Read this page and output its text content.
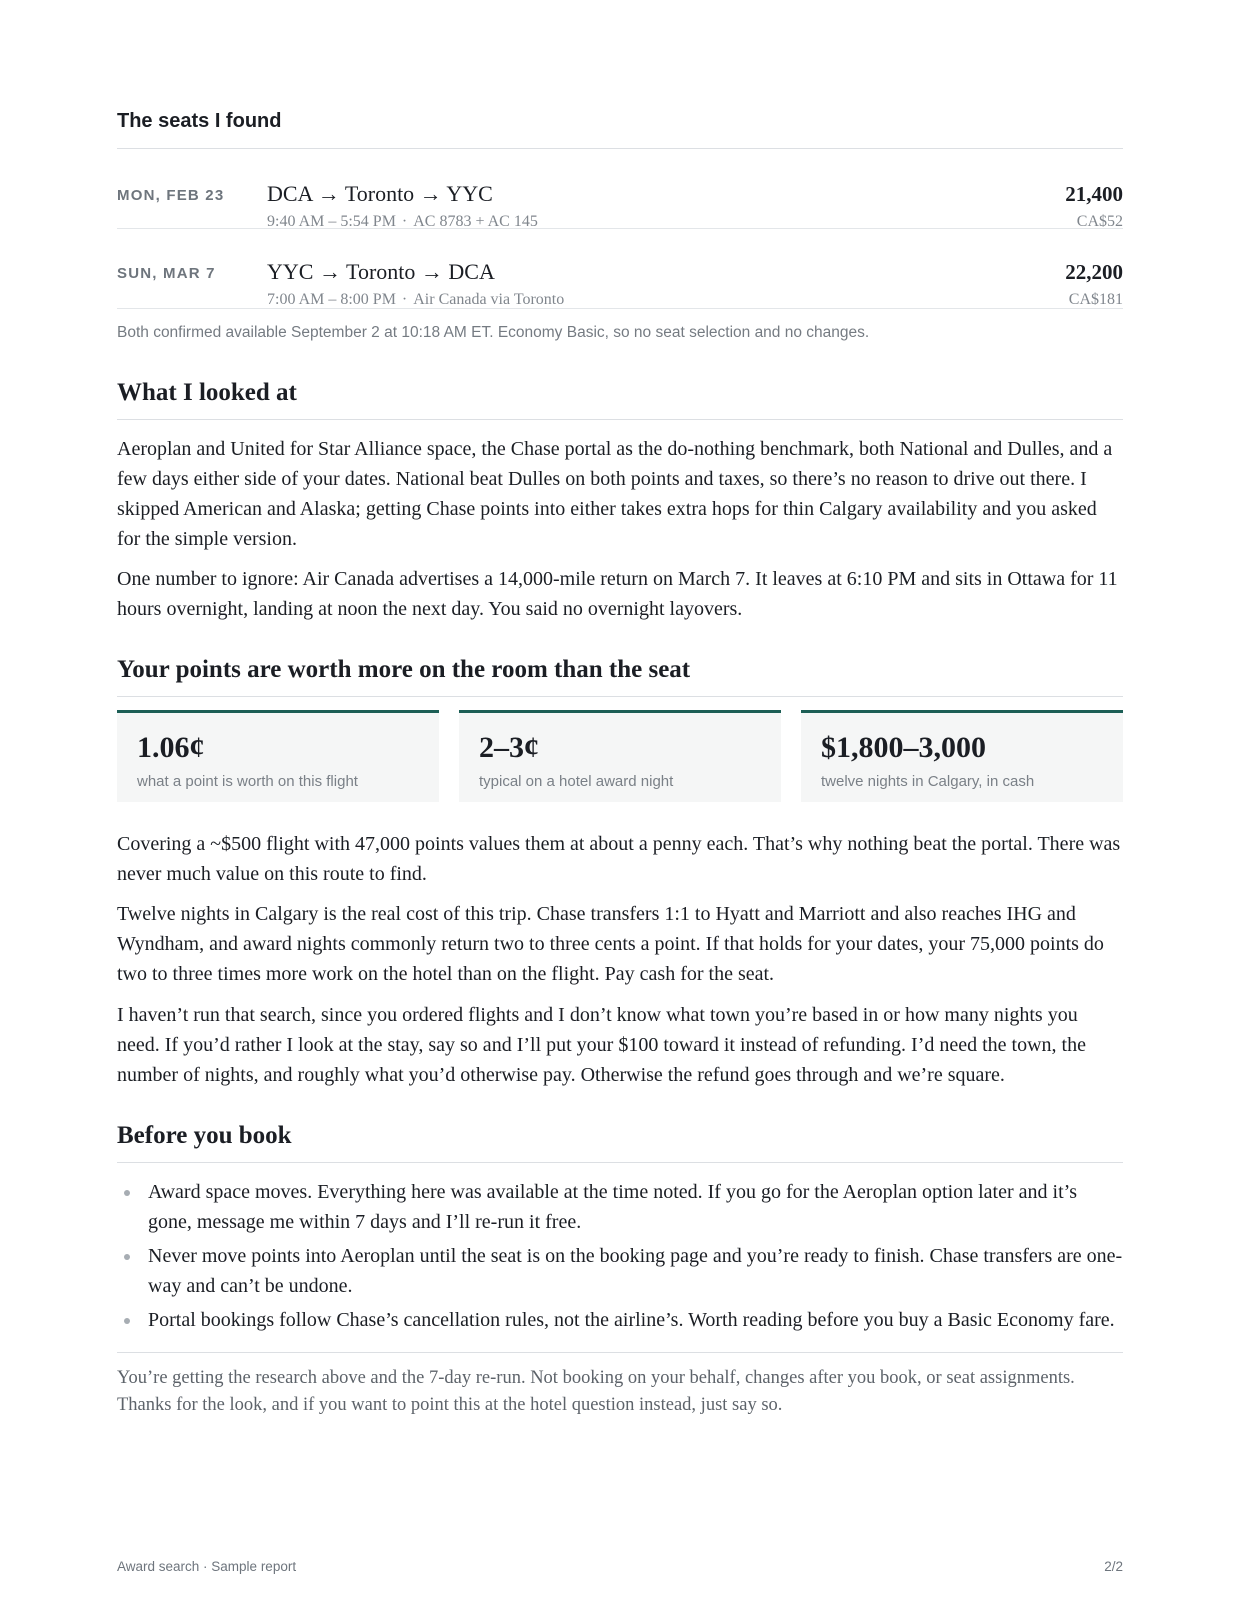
The seats I found
MON, FEB 23	DCA → Toronto → YYC
9:40 AM – 5:54 PM · AC 8783 + AC 145
21,400
CA$52
SUN, MAR 7	YYC → Toronto → DCA
7:00 AM – 8:00 PM · Air Canada via Toronto
22,200
CA$181
Both confirmed available September 2 at 10:18 AM ET. Economy Basic, so no seat selection and no changes.
What I looked at

Aeroplan and United for Star Alliance space, the Chase portal as the do-nothing benchmark, both National and Dulles, and a few days either side of your dates. National beat Dulles on both points and taxes, so there’s no reason to drive out there. I skipped American and Alaska; getting Chase points into either takes extra hops for thin Calgary availability and you asked for the simple version.

One number to ignore: Air Canada advertises a 14,000-mile return on March 7. It leaves at 6:10 PM and sits in Ottawa for 11 hours overnight, landing at noon the next day. You said no overnight layovers.

Your points are worth more on the room than the seat
1.06¢
what a point is worth on this flight
2–3¢
typical on a hotel award night
$1,800–3,000
twelve nights in Calgary, in cash

Covering a ~$500 flight with 47,000 points values them at about a penny each. That’s why nothing beat the portal. There was never much value on this route to find.

Twelve nights in Calgary is the real cost of this trip. Chase transfers 1:1 to Hyatt and Marriott and also reaches IHG and Wyndham, and award nights commonly return two to three cents a point. If that holds for your dates, your 75,000 points do two to three times more work on the hotel than on the flight. Pay cash for the seat.

I haven’t run that search, since you ordered flights and I don’t know what town you’re based in or how many nights you need. If you’d rather I look at the stay, say so and I’ll put your $100 toward it instead of refunding. I’d need the town, the number of nights, and roughly what you’d otherwise pay. Otherwise the refund goes through and we’re square.

Before you book
Award space moves. Everything here was available at the time noted. If you go for the Aeroplan option later and it’s gone, message me within 7 days and I’ll re-run it free.
Never move points into Aeroplan until the seat is on the booking page and you’re ready to finish. Chase transfers are one-way and can’t be undone.
Portal bookings follow Chase’s cancellation rules, not the airline’s. Worth reading before you buy a Basic Economy fare.
You’re getting the research above and the 7-day re-run. Not booking on your behalf, changes after you book, or seat assignments. Thanks for the look, and if you want to point this at the hotel question instead, just say so.
Award search · Sample report	2/2
